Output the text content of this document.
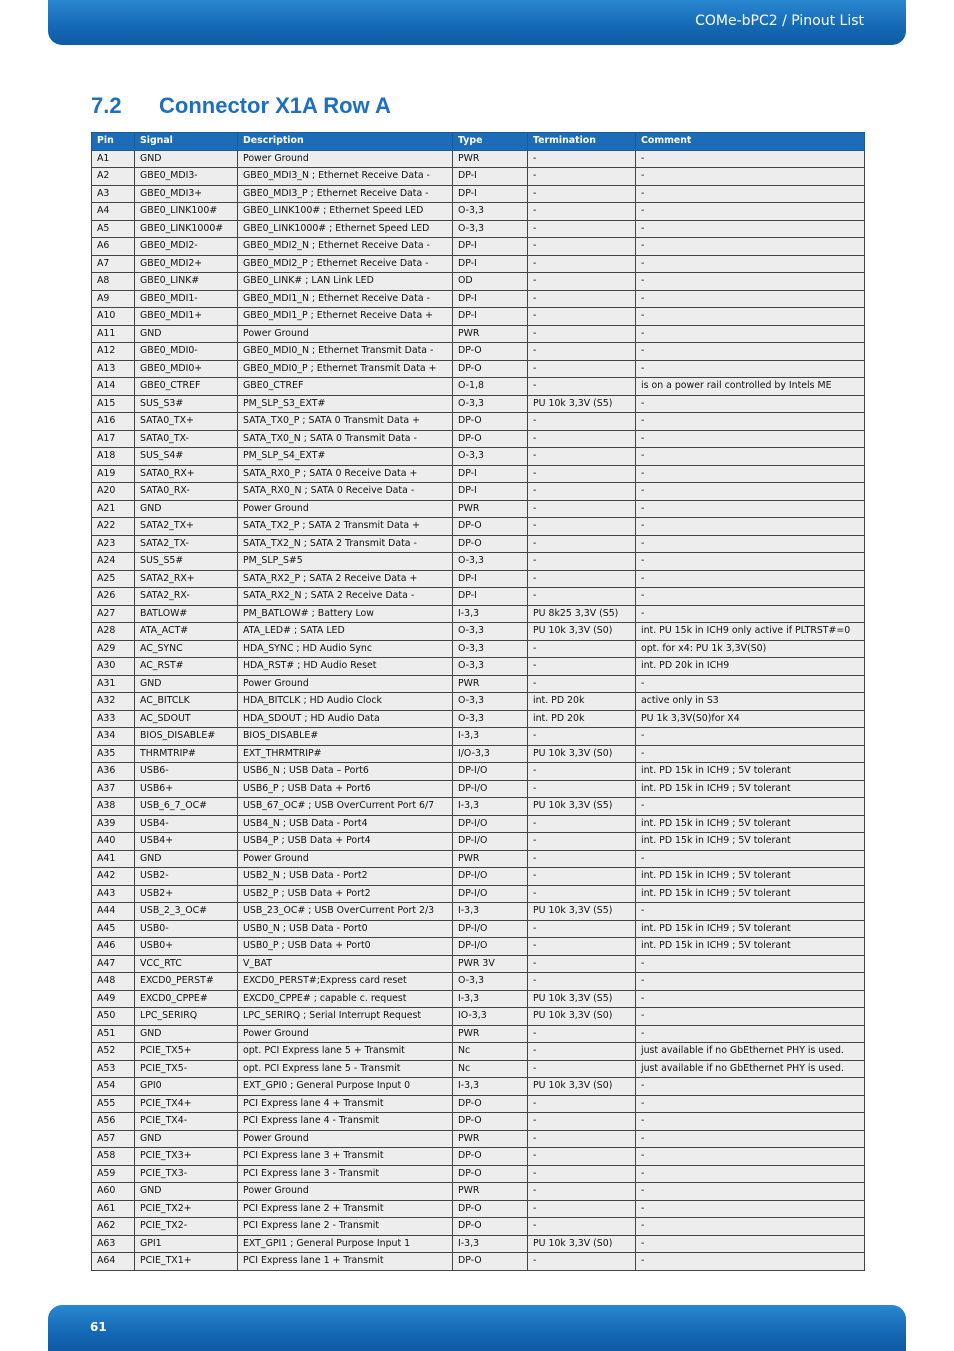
COMe-bPC2 / Pinout List
7.2 Connector X1A Row A
Pin	Signal	Description	Type	Termination	Comment
A1	GND	Power Ground	PWR	-	-
A2	GBE0_MDI3-	GBE0_MDI3_N ; Ethernet Receive Data -	DP-I	-	-
A3	GBE0_MDI3+	GBE0_MDI3_P ; Ethernet Receive Data -	DP-I	-	-
A4	GBE0_LINK100#	GBE0_LINK100# ; Ethernet Speed LED	O-3,3	-	-
A5	GBE0_LINK1000#	GBE0_LINK1000# ; Ethernet Speed LED	O-3,3	-	-
A6	GBE0_MDI2-	GBE0_MDI2_N ; Ethernet Receive Data -	DP-I	-	-
A7	GBE0_MDI2+	GBE0_MDI2_P ; Ethernet Receive Data -	DP-I	-	-
A8	GBE0_LINK#	GBE0_LINK# ; LAN Link LED	OD	-	-
A9	GBE0_MDI1-	GBE0_MDI1_N ; Ethernet Receive Data -	DP-I	-	-
A10	GBE0_MDI1+	GBE0_MDI1_P ; Ethernet Receive Data +	DP-I	-	-
A11	GND	Power Ground	PWR	-	-
A12	GBE0_MDI0-	GBE0_MDI0_N ; Ethernet Transmit Data -	DP-O	-	-
A13	GBE0_MDI0+	GBE0_MDI0_P ; Ethernet Transmit Data +	DP-O	-	-
A14	GBE0_CTREF	GBE0_CTREF	O-1,8	-	is on a power rail controlled by Intels ME
A15	SUS_S3#	PM_SLP_S3_EXT#	O-3,3	PU 10k 3,3V (S5)	-
A16	SATA0_TX+	SATA_TX0_P ; SATA 0 Transmit Data +	DP-O	-	-
A17	SATA0_TX-	SATA_TX0_N ; SATA 0 Transmit Data -	DP-O	-	-
A18	SUS_S4#	PM_SLP_S4_EXT#	O-3,3	-	-
A19	SATA0_RX+	SATA_RX0_P ; SATA 0 Receive Data +	DP-I	-	-
A20	SATA0_RX-	SATA_RX0_N ; SATA 0 Receive Data -	DP-I	-	-
A21	GND	Power Ground	PWR	-	-
A22	SATA2_TX+	SATA_TX2_P ; SATA 2 Transmit Data +	DP-O	-	-
A23	SATA2_TX-	SATA_TX2_N ; SATA 2 Transmit Data -	DP-O	-	-
A24	SUS_S5#	PM_SLP_S#5	O-3,3	-	-
A25	SATA2_RX+	SATA_RX2_P ; SATA 2 Receive Data +	DP-I	-	-
A26	SATA2_RX-	SATA_RX2_N ; SATA 2 Receive Data -	DP-I	-	-
A27	BATLOW#	PM_BATLOW# ; Battery Low	I-3,3	PU 8k25 3,3V (S5)	-
A28	ATA_ACT#	ATA_LED# ; SATA LED	O-3,3	PU 10k 3,3V (S0)	int. PU 15k in ICH9 only active if PLTRST#=0
A29	AC_SYNC	HDA_SYNC ; HD Audio Sync	O-3,3	-	opt. for x4: PU 1k 3,3V(S0)
A30	AC_RST#	HDA_RST# ; HD Audio Reset	O-3,3	-	int. PD 20k in ICH9
A31	GND	Power Ground	PWR	-	-
A32	AC_BITCLK	HDA_BITCLK ; HD Audio Clock	O-3,3	int. PD 20k	active only in S3
A33	AC_SDOUT	HDA_SDOUT ; HD Audio Data	O-3,3	int. PD 20k	PU 1k 3,3V(S0)for X4
A34	BIOS_DISABLE#	BIOS_DISABLE#	I-3,3	-	-
A35	THRMTRIP#	EXT_THRMTRIP#	I/O-3,3	PU 10k 3,3V (S0)	-
A36	USB6-	USB6_N ; USB Data – Port6	DP-I/O	-	int. PD 15k in ICH9 ; 5V tolerant
A37	USB6+	USB6_P ; USB Data + Port6	DP-I/O	-	int. PD 15k in ICH9 ; 5V tolerant
A38	USB_6_7_OC#	USB_67_OC# ; USB OverCurrent Port 6/7	I-3,3	PU 10k 3,3V (S5)	-
A39	USB4-	USB4_N ; USB Data - Port4	DP-I/O	-	int. PD 15k in ICH9 ; 5V tolerant
A40	USB4+	USB4_P ; USB Data + Port4	DP-I/O	-	int. PD 15k in ICH9 ; 5V tolerant
A41	GND	Power Ground	PWR	-	-
A42	USB2-	USB2_N ; USB Data - Port2	DP-I/O	-	int. PD 15k in ICH9 ; 5V tolerant
A43	USB2+	USB2_P ; USB Data + Port2	DP-I/O	-	int. PD 15k in ICH9 ; 5V tolerant
A44	USB_2_3_OC#	USB_23_OC# ; USB OverCurrent Port 2/3	I-3,3	PU 10k 3,3V (S5)	-
A45	USB0-	USB0_N ; USB Data - Port0	DP-I/O	-	int. PD 15k in ICH9 ; 5V tolerant
A46	USB0+	USB0_P ; USB Data + Port0	DP-I/O	-	int. PD 15k in ICH9 ; 5V tolerant
A47	VCC_RTC	V_BAT	PWR 3V	-	-
A48	EXCD0_PERST#	EXCD0_PERST#;Express card reset	O-3,3	-	-
A49	EXCD0_CPPE#	EXCD0_CPPE# ; capable c. request	I-3,3	PU 10k 3,3V (S5)	-
A50	LPC_SERIRQ	LPC_SERIRQ ; Serial Interrupt Request	IO-3,3	PU 10k 3,3V (S0)	-
A51	GND	Power Ground	PWR	-	-
A52	PCIE_TX5+	opt. PCI Express lane 5 + Transmit	Nc	-	just available if no GbEthernet PHY is used.
A53	PCIE_TX5-	opt. PCI Express lane 5 - Transmit	Nc	-	just available if no GbEthernet PHY is used.
A54	GPI0	EXT_GPI0 ; General Purpose Input 0	I-3,3	PU 10k 3,3V (S0)	-
A55	PCIE_TX4+	PCI Express lane 4 + Transmit	DP-O	-	-
A56	PCIE_TX4-	PCI Express lane 4 - Transmit	DP-O	-	-
A57	GND	Power Ground	PWR	-	-
A58	PCIE_TX3+	PCI Express lane 3 + Transmit	DP-O	-	-
A59	PCIE_TX3-	PCI Express lane 3 - Transmit	DP-O	-	-
A60	GND	Power Ground	PWR	-	-
A61	PCIE_TX2+	PCI Express lane 2 + Transmit	DP-O	-	-
A62	PCIE_TX2-	PCI Express lane 2 - Transmit	DP-O	-	-
A63	GPI1	EXT_GPI1 ; General Purpose Input 1	I-3,3	PU 10k 3,3V (S0)	-
A64	PCIE_TX1+	PCI Express lane 1 + Transmit	DP-O	-	-
61
